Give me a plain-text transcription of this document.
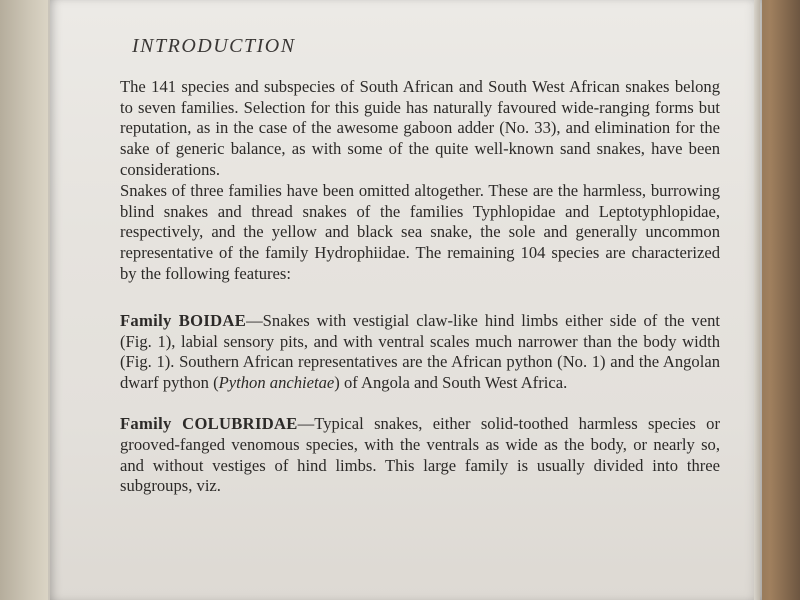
INTRODUCTION

The 141 species and subspecies of South African and South West African snakes belong to seven families. Selection for this guide has naturally favoured wide-ranging forms but reputation, as in the case of the awesome gaboon adder (No. 33), and elimination for the sake of generic balance, as with some of the quite well-known sand snakes, have been considerations.

Snakes of three families have been omitted altogether. These are the harmless, burrowing blind snakes and thread snakes of the families Typhlopidae and Leptotyphlopidae, respectively, and the yellow and black sea snake, the sole and generally uncommon representative of the family Hydrophiidae. The remaining 104 species are characterized by the following features:

Family BOIDAE—Snakes with vestigial claw-like hind limbs either side of the vent (Fig. 1), labial sensory pits, and with ventral scales much narrower than the body width (Fig. 1). Southern African representatives are the African python (No. 1) and the Angolan dwarf python (Python anchietae) of Angola and South West Africa.

Family COLUBRIDAE—Typical snakes, either solid-toothed harmless species or grooved-fanged venomous species, with the ventrals as wide as the body, or nearly so, and without vestiges of hind limbs. This large family is usually divided into three subgroups, viz.
